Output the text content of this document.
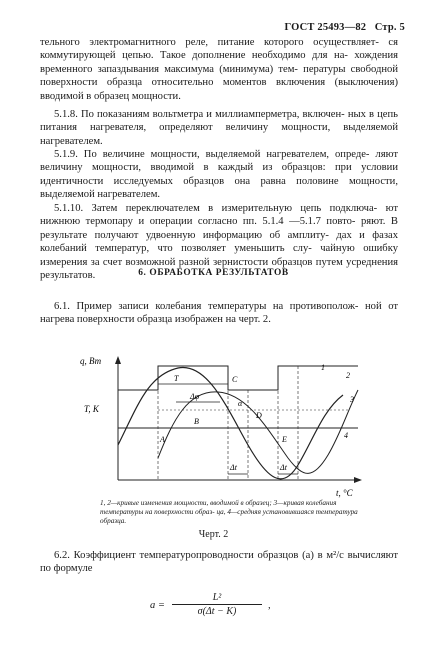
ГОСТ 25493—82 Стр. 5
тельного электромагнитного реле, питание которого осуществляет- ся коммутирующей цепью. Такое дополнение необходимо для на- хождения временного запаздывания максимума (минимума) тем- пературы свободной поверхности образца относительно моментов включения (выключения) вводимой в образец мощности.
5.1.8. По показаниям вольтметра и миллиамперметра, включен- ных в цепь питания нагревателя, определяют величину мощности, выделяемой нагревателем.
5.1.9. По величине мощности, выделяемой нагревателем, опреде- ляют величину мощности, вводимой в каждый из образцов: при условии идентичности исследуемых образцов она равна половине мощности, выделяемой нагревателем.
5.1.10. Затем переключателем в измерительную цепь подключа- ют нижнюю термопару и операции согласно пп. 5.1.4 —5.1.7 повто- ряют. В результате получают удвоенную информацию об амплиту- дах и фазах колебаний температур, что позволяет уменьшить слу- чайную ошибку измерения за счет возможной разной зернистости образцов путем усреднения результатов.	6. ОБРАБОТКА РЕЗУЛЬТАТОВ
6.1. Пример записи колебания температуры на противополож- ной от нагрева поверхности образца изображен на черт. 2.
q, Вт
T, K
t, °C
1
2
3
4
A
B
C
D
E
T
Δφ
Δt	Δt
α
1, 2—кривые изменения мощности, вводимой в образец; 3—кривая колебания температуры на поверхности образ- ца, 4—средняя установившаяся температура образца.
Черт. 2
6.2. Коэффициент температуропроводности образцов (a) в м²/с вычисляют по формуле
a =
L²
σ(Δt − K)
,
